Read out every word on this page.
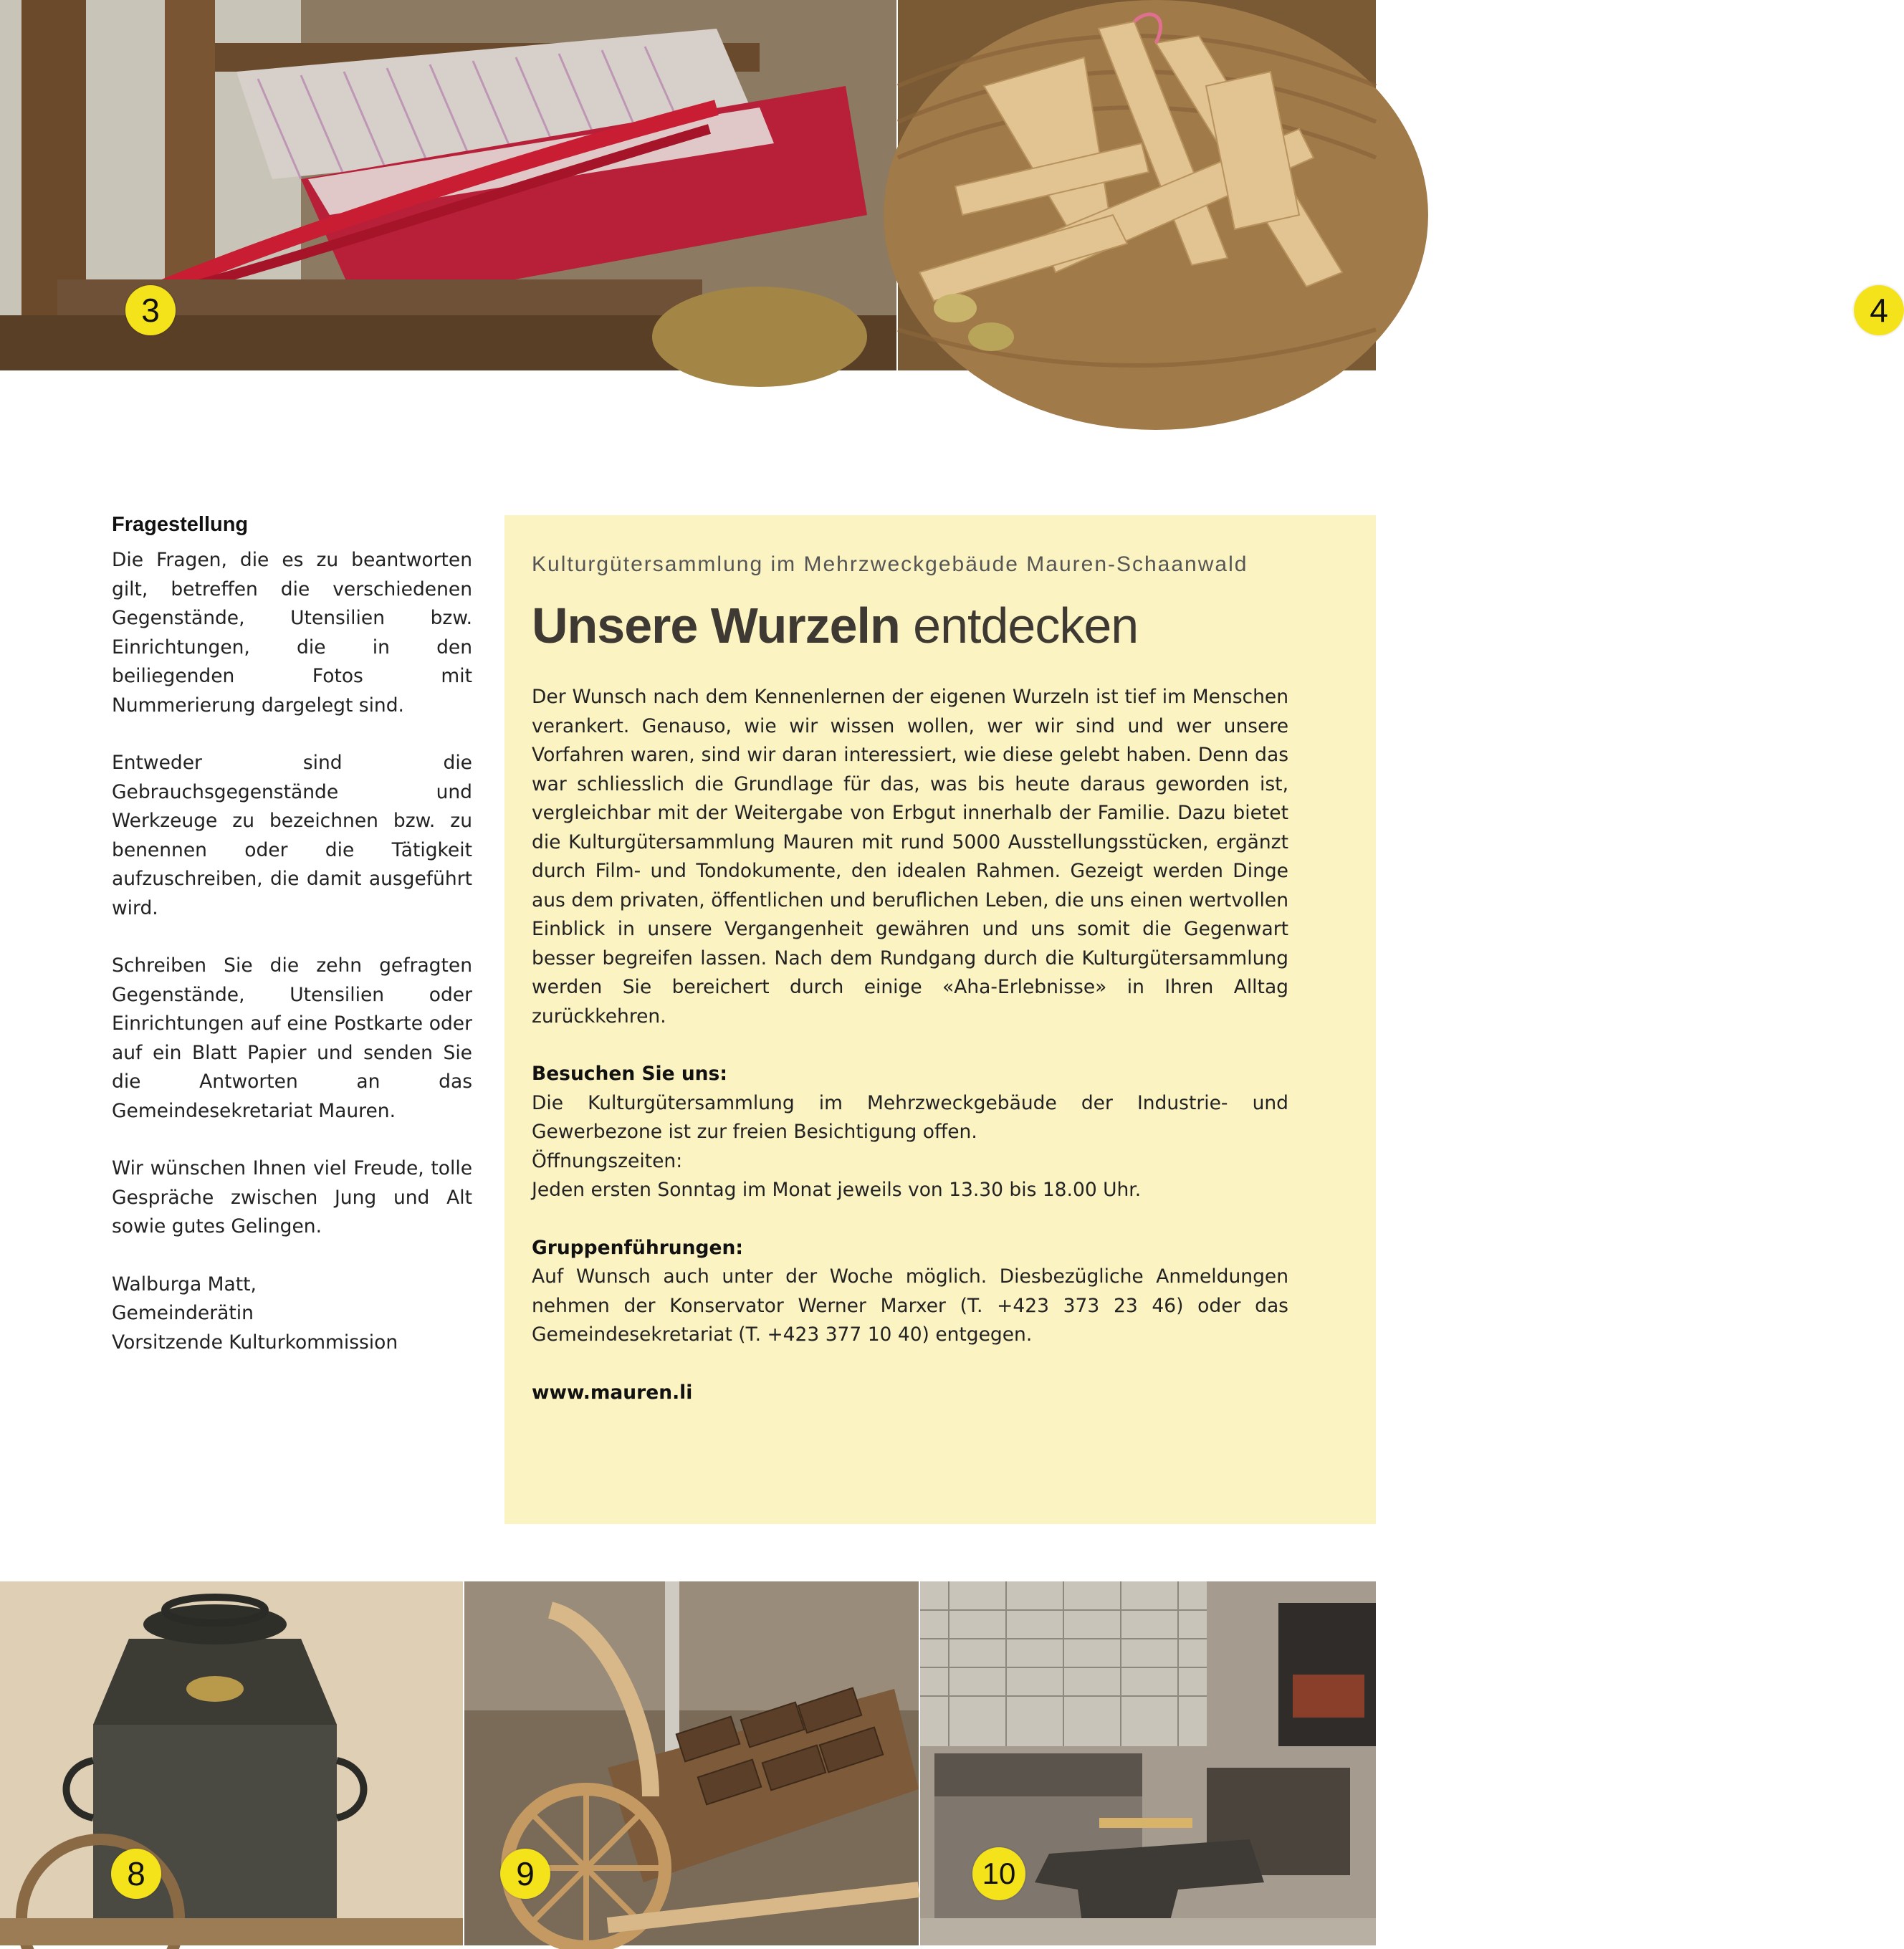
3	4
Fragestellung

Die Fragen, die es zu beantworten gilt, betreffen die verschiedenen Gegenstände, Utensilien bzw. Einrichtungen, die in den beiliegenden Fotos mit Nummerierung dargelegt sind.

Entweder sind die Gebrauchsgegenstände und Werkzeuge zu bezeichnen bzw. zu benennen oder die Tätigkeit aufzuschreiben, die damit ausgeführt wird.

Schreiben Sie die zehn gefragten Gegenstände, Utensilien oder Einrichtungen auf eine Postkarte oder auf ein Blatt Papier und senden Sie die Antworten an das Gemeindesekretariat Mauren.

Wir wünschen Ihnen viel Freude, tolle Gespräche zwischen Jung und Alt sowie gutes Gelingen.

Walburga Matt,

Gemeinderätin

Vorsitzende Kulturkommission

Kulturgütersammlung im Mehrzweckgebäude Mauren-Schaanwald

Unsere Wurzeln entdecken

Der Wunsch nach dem Kennenlernen der eigenen Wurzeln ist tief im Menschen verankert. Genauso, wie wir wissen wollen, wer wir sind und wer unsere Vorfahren waren, sind wir daran interessiert, wie diese gelebt haben. Denn das war schliesslich die Grundlage für das, was bis heute daraus geworden ist, vergleichbar mit der Weitergabe von Erbgut innerhalb der Familie. Dazu bietet die Kulturgütersammlung Mauren mit rund 5000 Ausstellungsstücken, ergänzt durch Film- und Tondokumente, den idealen Rahmen. Gezeigt werden Dinge aus dem privaten, öffentlichen und beruflichen Leben, die uns einen wertvollen Einblick in unsere Vergangenheit gewähren und uns somit die Gegenwart besser begreifen lassen. Nach dem Rundgang durch die Kulturgütersammlung werden Sie bereichert durch einige «Aha-Erlebnisse» in Ihren Alltag zurückkehren.

Besuchen Sie uns:

Die Kulturgütersammlung im Mehrzweckgebäude der Industrie- und Gewerbezone ist zur freien Besichtigung offen.

Öffnungszeiten:

Jeden ersten Sonntag im Monat jeweils von 13.30 bis 18.00 Uhr.

Gruppenführungen:

Auf Wunsch auch unter der Woche möglich. Diesbezügliche Anmeldungen nehmen der Konservator Werner Marxer (T. +423 373 23 46) oder das Gemeindesekretariat (T. +423 377 10 40) entgegen.

www.mauren.li

8	9	10
